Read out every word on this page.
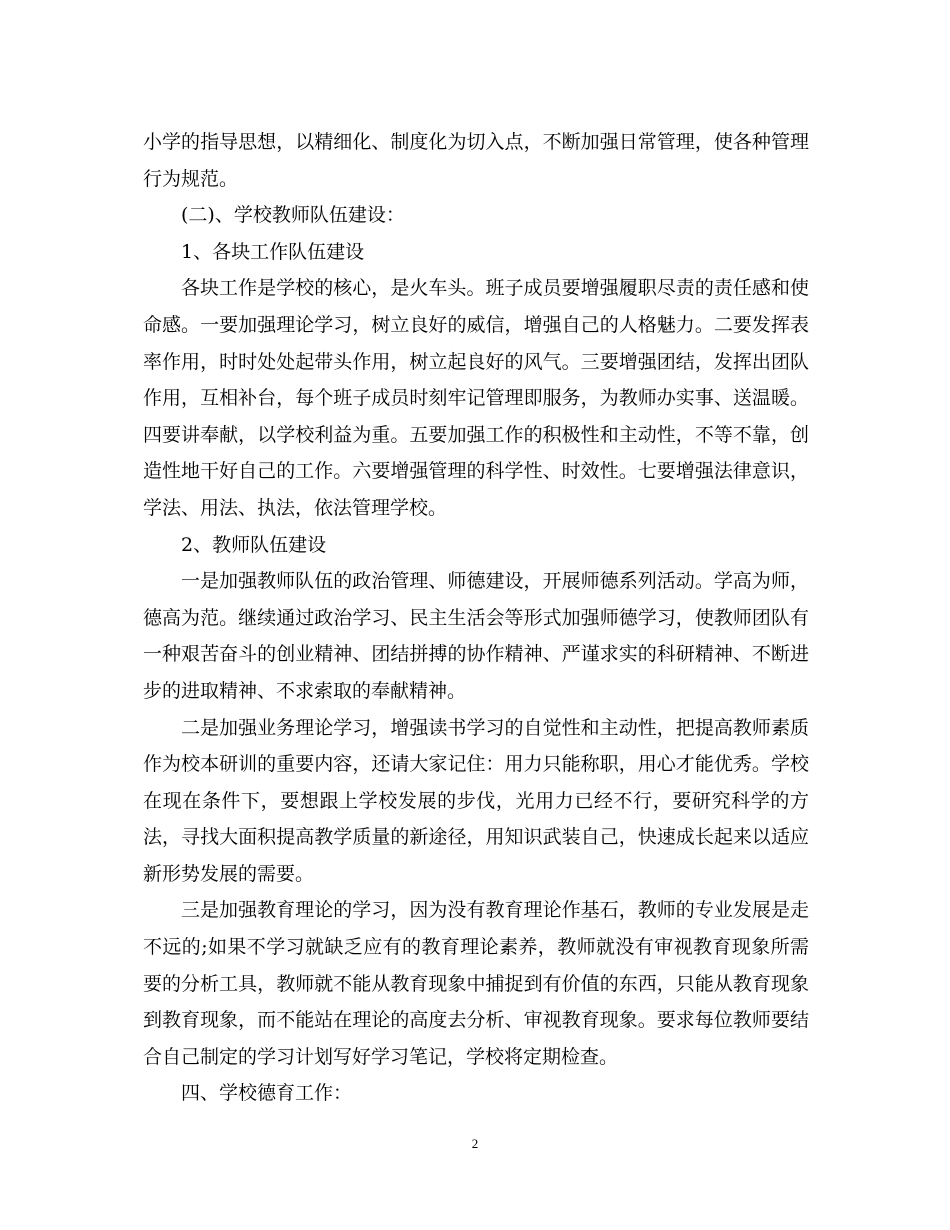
小学的指导思想，以精细化、制度化为切入点，不断加强日常管理，使各种管理行为规范。

(二)、学校教师队伍建设：

1、各块工作队伍建设

各块工作是学校的核心，是火车头。班子成员要增强履职尽责的责任感和使命感。一要加强理论学习，树立良好的威信，增强自己的人格魅力。二要发挥表率作用，时时处处起带头作用，树立起良好的风气。三要增强团结，发挥出团队作用，互相补台，每个班子成员时刻牢记管理即服务，为教师办实事、送温暖。四要讲奉献，以学校利益为重。五要加强工作的积极性和主动性，不等不靠，创造性地干好自己的工作。六要增强管理的科学性、时效性。七要增强法律意识，学法、用法、执法，依法管理学校。

2、教师队伍建设

一是加强教师队伍的政治管理、师德建设，开展师德系列活动。学高为师，德高为范。继续通过政治学习、民主生活会等形式加强师德学习，使教师团队有一种艰苦奋斗的创业精神、团结拼搏的协作精神、严谨求实的科研精神、不断进步的进取精神、不求索取的奉献精神。

二是加强业务理论学习，增强读书学习的自觉性和主动性，把提高教师素质作为校本研训的重要内容，还请大家记住：用力只能称职，用心才能优秀。学校在现在条件下，要想跟上学校发展的步伐，光用力已经不行，要研究科学的方法，寻找大面积提高教学质量的新途径，用知识武装自己，快速成长起来以适应新形势发展的需要。

三是加强教育理论的学习，因为没有教育理论作基石，教师的专业发展是走不远的;如果不学习就缺乏应有的教育理论素养，教师就没有审视教育现象所需要的分析工具，教师就不能从教育现象中捕捉到有价值的东西，只能从教育现象到教育现象，而不能站在理论的高度去分析、审视教育现象。要求每位教师要结合自己制定的学习计划写好学习笔记，学校将定期检查。

四、学校德育工作：

2
